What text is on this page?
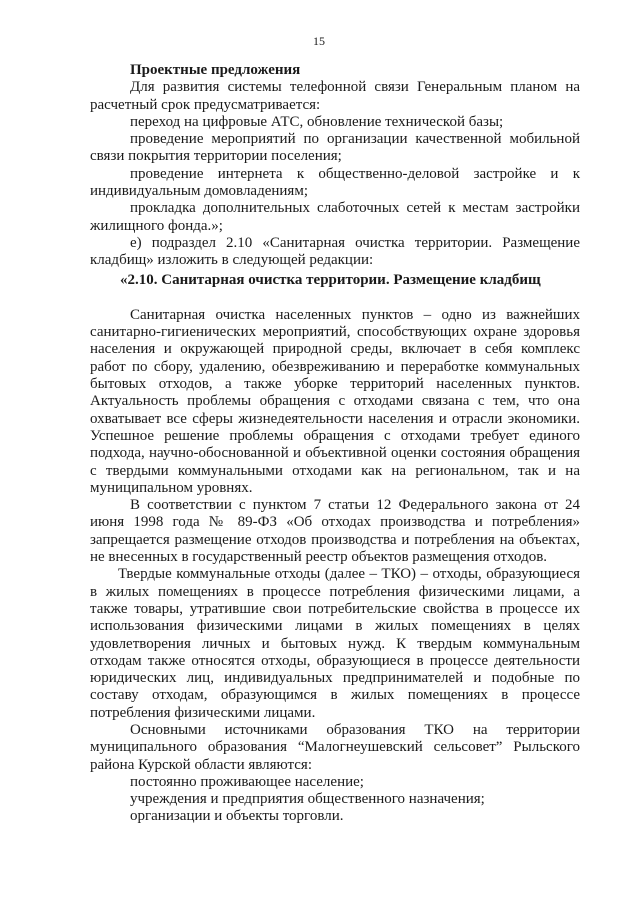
15

Проектные предложения

Для развития системы телефонной связи Генеральным планом на расчетный срок предусматривается:

переход на цифровые АТС, обновление технической базы;

проведение мероприятий по организации качественной мобильной связи покрытия территории поселения;

проведение интернета к общественно-деловой застройке и к индивидуальным домовладениям;

прокладка дополнительных слаботочных сетей к местам застройки жилищного фонда.»;

е) подраздел 2.10 «Санитарная очистка территории. Размещение кладбищ» изложить в следующей редакции:

«2.10. Санитарная очистка территории. Размещение кладбищ

Санитарная очистка населенных пунктов – одно из важнейших санитарно-гигиенических мероприятий, способствующих охране здоровья населения и окружающей природной среды, включает в себя комплекс работ по сбору, удалению, обезвреживанию и переработке коммунальных бытовых отходов, а также уборке территорий населенных пунктов. Актуальность проблемы обращения с отходами связана с тем, что она охватывает все сферы жизнедеятельности населения и отрасли экономики. Успешное решение проблемы обращения с отходами требует единого подхода, научно-обоснованной и объективной оценки состояния обращения с твердыми коммунальными отходами как на региональном, так и на муниципальном уровнях.

В соответствии с пунктом 7 статьи 12 Федерального закона от 24 июня 1998 года № 89-ФЗ «Об отходах производства и потребления» запрещается размещение отходов производства и потребления на объектах, не внесенных в государственный реестр объектов размещения отходов.

Твердые коммунальные отходы (далее – ТКО) – отходы, образующиеся в жилых помещениях в процессе потребления физическими лицами, а также товары, утратившие свои потребительские свойства в процессе их использования физическими лицами в жилых помещениях в целях удовлетворения личных и бытовых нужд. К твердым коммунальным отходам также относятся отходы, образующиеся в процессе деятельности юридических лиц, индивидуальных предпринимателей и подобные по составу отходам, образующимся в жилых помещениях в процессе потребления физическими лицами.

Основными источниками образования ТКО на территории муниципального образования “Малогнеушевский сельсовет” Рыльского района Курской области являются:

постоянно проживающее население;

учреждения и предприятия общественного назначения;

организации и объекты торговли.
